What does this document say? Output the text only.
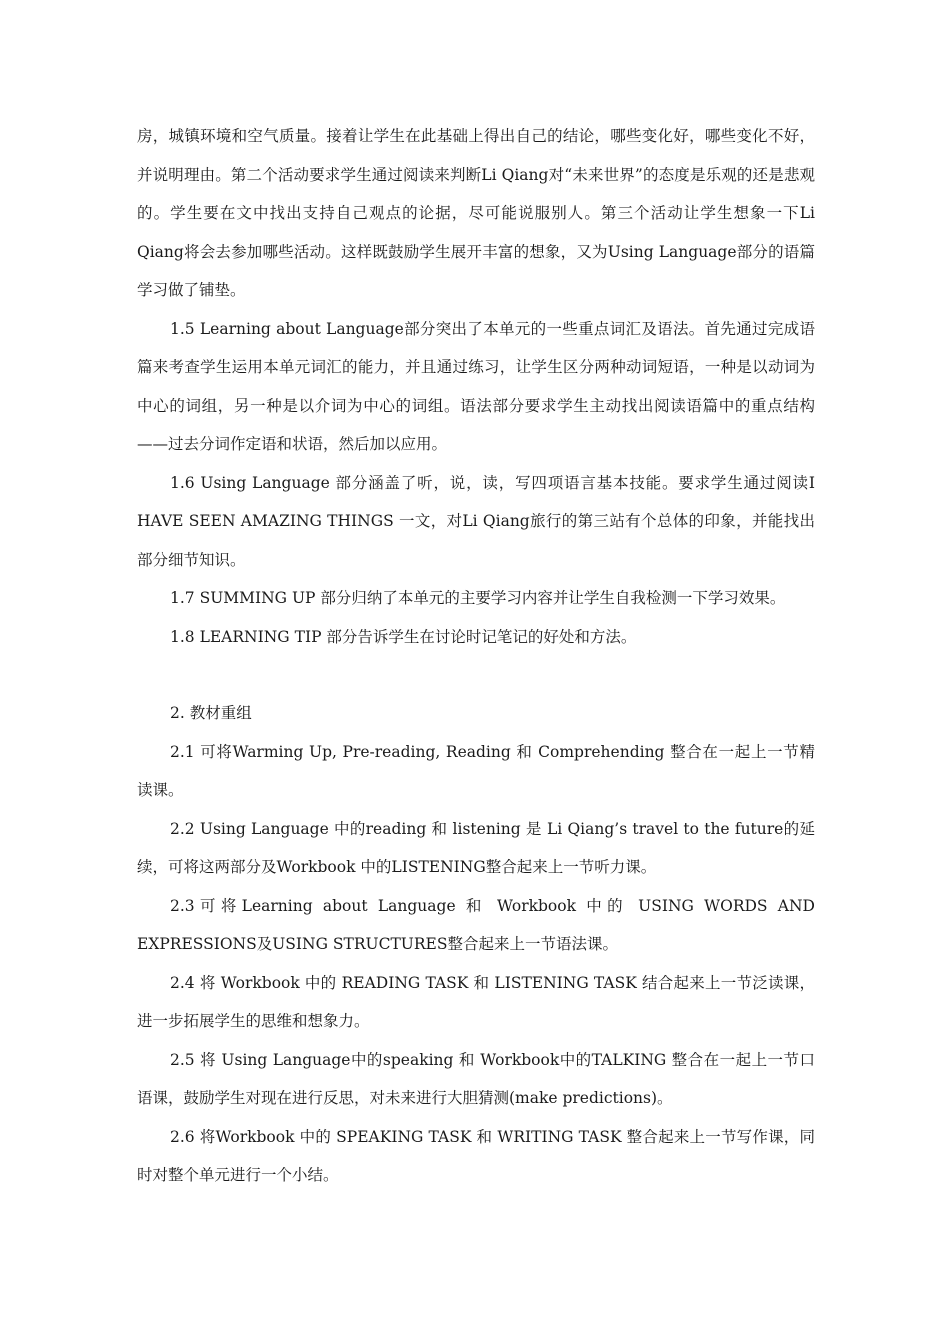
房，城镇环境和空气质量。接着让学生在此基础上得出自己的结论，哪些变化好，哪些变化不好，并说明理由。第二个活动要求学生通过阅读来判断Li Qiang对“未来世界”的态度是乐观的还是悲观的。学生要在文中找出支持自己观点的论据，尽可能说服别人。第三个活动让学生想象一下Li Qiang将会去参加哪些活动。这样既鼓励学生展开丰富的想象，又为Using Language部分的语篇学习做了铺垫。

1.5 Learning about Language部分突出了本单元的一些重点词汇及语法。首先通过完成语篇来考查学生运用本单元词汇的能力，并且通过练习，让学生区分两种动词短语，一种是以动词为中心的词组，另一种是以介词为中心的词组。语法部分要求学生主动找出阅读语篇中的重点结构——过去分词作定语和状语，然后加以应用。

1.6 Using Language 部分涵盖了听，说，读，写四项语言基本技能。要求学生通过阅读I HAVE SEEN AMAZING THINGS 一文，对Li Qiang旅行的第三站有个总体的印象，并能找出部分细节知识。

1.7 SUMMING UP 部分归纳了本单元的主要学习内容并让学生自我检测一下学习效果。

1.8 LEARNING TIP 部分告诉学生在讨论时记笔记的好处和方法。

2. 教材重组

2.1 可将Warming Up, Pre-reading, Reading 和 Comprehending 整合在一起上一节精读课。

2.2 Using Language 中的reading 和 listening 是 Li Qiang’s travel to the future的延续，可将这两部分及Workbook 中的LISTENING整合起来上一节听力课。

2.3可将Learning about Language 和 Workbook 中的 USING WORDS AND EXPRESSIONS及USING STRUCTURES整合起来上一节语法课。

2.4 将 Workbook 中的 READING TASK 和 LISTENING TASK 结合起来上一节泛读课，进一步拓展学生的思维和想象力。

2.5 将 Using Language中的speaking 和 Workbook中的TALKING 整合在一起上一节口语课，鼓励学生对现在进行反思，对未来进行大胆猜测(make predictions)。

2.6 将Workbook 中的 SPEAKING TASK 和 WRITING TASK 整合起来上一节写作课，同时对整个单元进行一个小结。
